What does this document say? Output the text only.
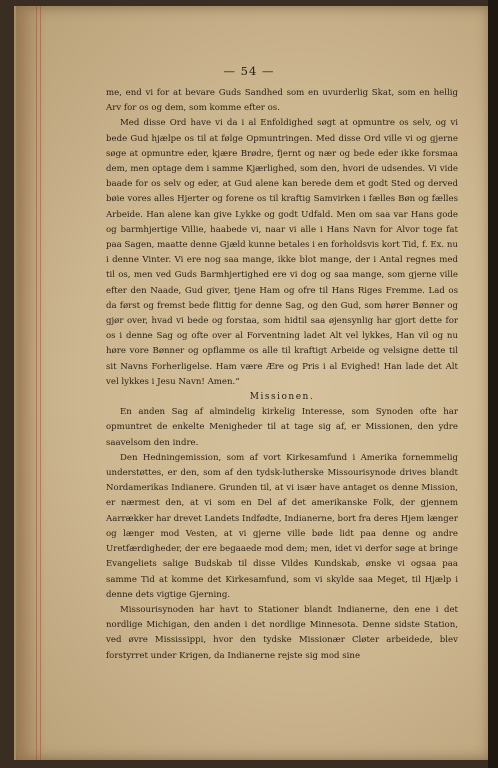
— 54 —

me, end vi for at bevare Guds Sandhed som en uvurderlig Skat, som en hellig Arv for os og dem, som komme efter os.

Med disse Ord have vi da i al Enfoldighed søgt at opmuntre os selv, og vi bede Gud hjælpe os til at følge Opmuntringen. Med disse Ord ville vi og gjerne søge at opmuntre eder, kjære Brødre, fjernt og nær og bede eder ikke forsmaa dem, men optage dem i samme Kjærlighed, som den, hvori de udsendes. Vi vide baade for os selv og eder, at Gud alene kan berede dem et godt Sted og derved bøie vores alles Hjerter og forene os til kraftig Samvirken i fælles Bøn og fælles Arbeide. Han alene kan give Lykke og godt Udfald. Men om saa var Hans gode og barmhjertige Villie, haabede vi, naar vi alle i Hans Navn for Alvor toge fat paa Sagen, maatte denne Gjæld kunne betales i en forholdsvis kort Tid, f. Ex. nu i denne Vinter. Vi ere nog saa mange, ikke blot mange, der i Antal regnes med til os, men ved Guds Barmhjertighed ere vi dog og saa mange, som gjerne ville efter den Naade, Gud giver, tjene Ham og ofre til Hans Riges Fremme. Lad os da først og fremst bede flittig for denne Sag, og den Gud, som hører Bønner og gjør over, hvad vi bede og forstaa, som hidtil saa øjensynlig har gjort dette for os i denne Sag og ofte over al Forventning ladet Alt vel lykkes, Han vil og nu høre vore Bønner og opflamme os alle til kraftigt Arbeide og velsigne dette til sit Navns Forherligelse. Ham være Ære og Pris i al Evighed! Han lade det Alt vel lykkes i Jesu Navn! Amen.“

Missionen.

En anden Sag af almindelig kirkelig Interesse, som Synoden ofte har opmuntret de enkelte Menigheder til at tage sig af, er Missionen, den ydre saavelsom den indre.

Den Hedningemission, som af vort Kirkesamfund i Amerika fornemmelig understøttes, er den, som af den tydsk-lutherske Missourisynode drives blandt Nordamerikas Indianere. Grunden til, at vi især have antaget os denne Mission, er nærmest den, at vi som en Del af det amerikanske Folk, der gjennem Aarrækker har drevet Landets Indfødte, Indianerne, bort fra deres Hjem længer og længer mod Vesten, at vi gjerne ville bøde lidt paa denne og andre Uretfærdigheder, der ere begaaede mod dem; men, idet vi derfor søge at bringe Evangeliets salige Budskab til disse Vildes Kundskab, ønske vi ogsaa paa samme Tid at komme det Kirkesamfund, som vi skylde saa Meget, til Hjælp i denne dets vigtige Gjerning.

Missourisynoden har havt to Stationer blandt Indianerne, den ene i det nordlige Michigan, den anden i det nordlige Minnesota. Denne sidste Station, ved øvre Mississippi, hvor den tydske Missionær Cløter arbeidede, blev forstyrret under Krigen, da Indianerne rejste sig mod sine
